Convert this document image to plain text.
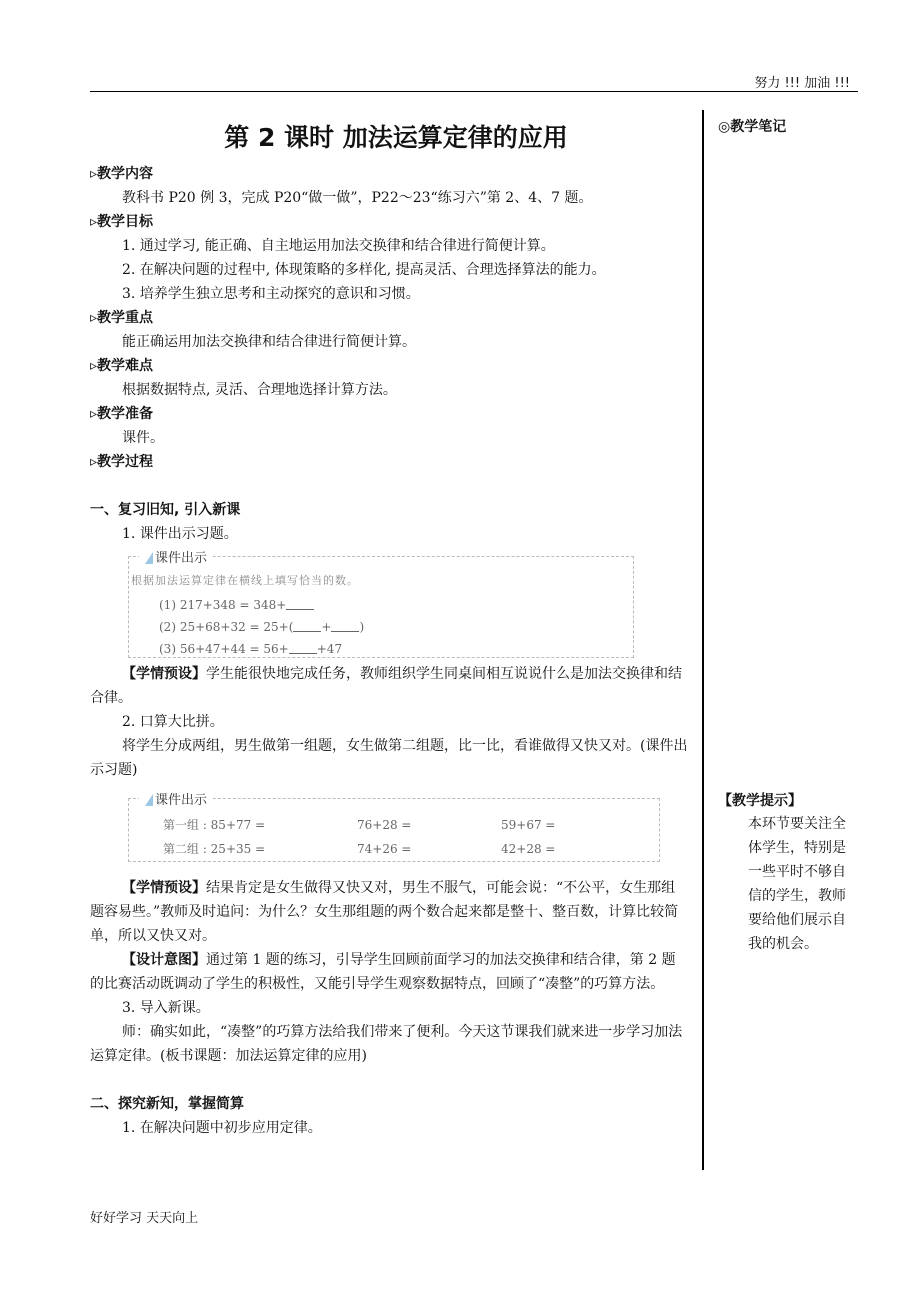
努力 !!! 加油 !!!
第 2 课时 加法运算定律的应用	◎教学笔记

▹教学内容

教科书 P20 例 3，完成 P20“做一做”，P22～23“练习六”第 2、4、7 题。

▹教学目标

1. 通过学习, 能正确、自主地运用加法交换律和结合律进行简便计算。

2. 在解决问题的过程中, 体现策略的多样化, 提高灵活、合理选择算法的能力。

3. 培养学生独立思考和主动探究的意识和习惯。

▹教学重点

能正确运用加法交换律和结合律进行简便计算。

▹教学难点

根据数据特点, 灵活、合理地选择计算方法。

▹教学准备

课件。

▹教学过程

一、复习旧知, 引入新课

1. 课件出示习题。

课件出示
根据加法运算定律在横线上填写恰当的数。
(1) 217+348 = 348+
(2) 25+68+32 = 25+( + )
(3) 56+47+44 = 56+ +47

【学情预设】学生能很快地完成任务，教师组织学生同桌间相互说说什么是加法交换律和结合律。

2. 口算大比拼。

将学生分成两组，男生做第一组题，女生做第二组题，比一比，看谁做得又快又对。(课件出示习题)

课件出示
第一组 : 85+77 =	76+28 =	59+67 =
第二组 : 25+35 =	74+26 =	42+28 =

【学情预设】结果肯定是女生做得又快又对，男生不服气，可能会说：“不公平，女生那组题容易些。”教师及时追问：为什么？女生那组题的两个数合起来都是整十、整百数，计算比较简单，所以又快又对。

【设计意图】通过第 1 题的练习，引导学生回顾前面学习的加法交换律和结合律，第 2 题的比赛活动既调动了学生的积极性，又能引导学生观察数据特点，回顾了“凑整”的巧算方法。

3. 导入新课。

师：确实如此，“凑整”的巧算方法给我们带来了便利。今天这节课我们就来进一步学习加法运算定律。(板书课题：加法运算定律的应用)

二、探究新知，掌握简算

1. 在解决问题中初步应用定律。

【教学提示】
本环节要关注全体学生，特别是一些平时不够自信的学生，教师要给他们展示自我的机会。
好好学习 天天向上
